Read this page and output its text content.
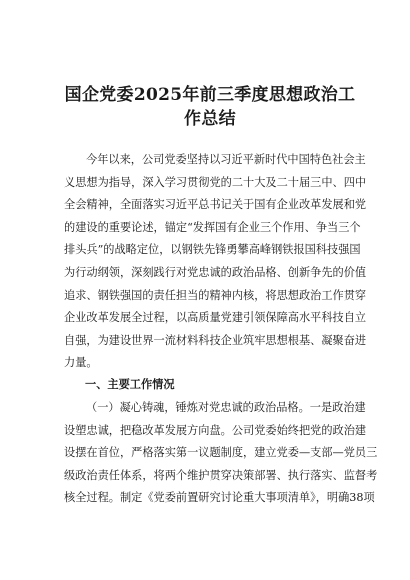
国企党委2025年前三季度思想政治工
作总结
今年以来，公司党委坚持以习近平新时代中国特色社会主
义思想为指导，深入学习贯彻党的二十大及二十届三中、四中
全会精神，全面落实习近平总书记关于国有企业改革发展和党
的建设的重要论述，锚定“发挥国有企业三个作用、争当三个
排头兵”的战略定位，以钢铁先锋勇攀高峰钢铁报国科技强国
为行动纲领，深刻践行对党忠诚的政治品格、创新争先的价值
追求、钢铁强国的责任担当的精神内核，将思想政治工作贯穿
企业改革发展全过程，以高质量党建引领保障高水平科技自立
自强，为建设世界一流材料科技企业筑牢思想根基、凝聚奋进
力量。
一、主要工作情况
（一）凝心铸魂，锤炼对党忠诚的政治品格。一是政治建
设塑忠诚，把稳改革发展方向盘。公司党委始终把党的政治建
设摆在首位，严格落实第一议题制度，建立党委—支部—党员三
级政治责任体系，将两个维护贯穿决策部署、执行落实、监督考
核全过程。制定《党委前置研究讨论重大事项清单》，明确38项
